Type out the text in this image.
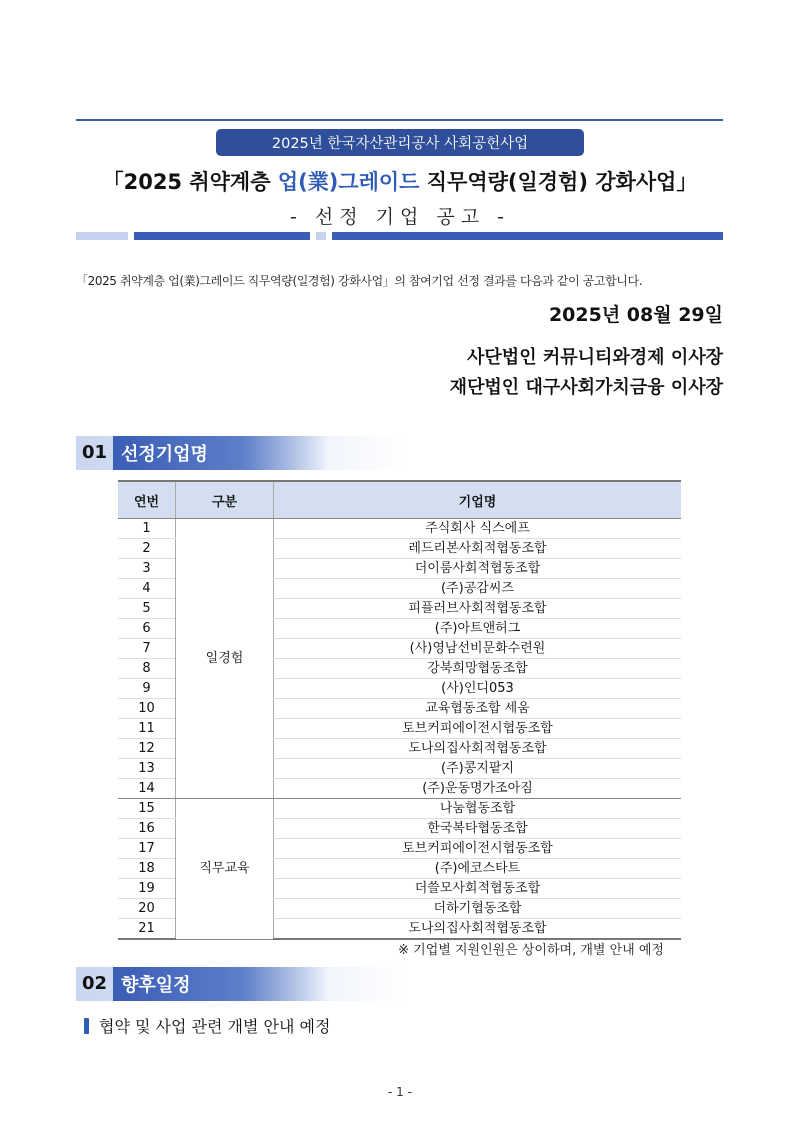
2025년 한국자산관리공사 사회공헌사업
「2025 취약계층 업(業)그레이드 직무역량(일경험) 강화사업」
- 선정 기업 공고 -
「2025 취약계층 업(業)그레이드 직무역량(일경험) 강화사업」의 참여기업 선정 결과를 다음과 같이 공고합니다.
2025년 08월 29일
사단법인 커뮤니티와경제 이사장
재단법인 대구사회가치금융 이사장
01 선정기업명
연번	구분	기업명
1	일경험	주식회사 식스에프
2		레드리본사회적협동조합
3		더이룸사회적협동조합
4		(주)공감씨즈
5		피플러브사회적협동조합
6		(주)아트앤허그
7		(사)영남선비문화수련원
8		강북희망협동조합
9		(사)인디053
10		교육협동조합 세움
11		토브커피에이전시협동조합
12		도나의집사회적협동조합
13		(주)콩지팥지
14		(주)운동명가조아짐
15	직무교육	나눔협동조합
16		한국복타협동조합
17		토브커피에이전시협동조합
18		(주)에코스타트
19		더쓸모사회적협동조합
20		더하기협동조합
21		도나의집사회적협동조합
※ 기업별 지원인원은 상이하며, 개별 안내 예정
02 향후일정
협약 및 사업 관련 개별 안내 예정
- 1 -
